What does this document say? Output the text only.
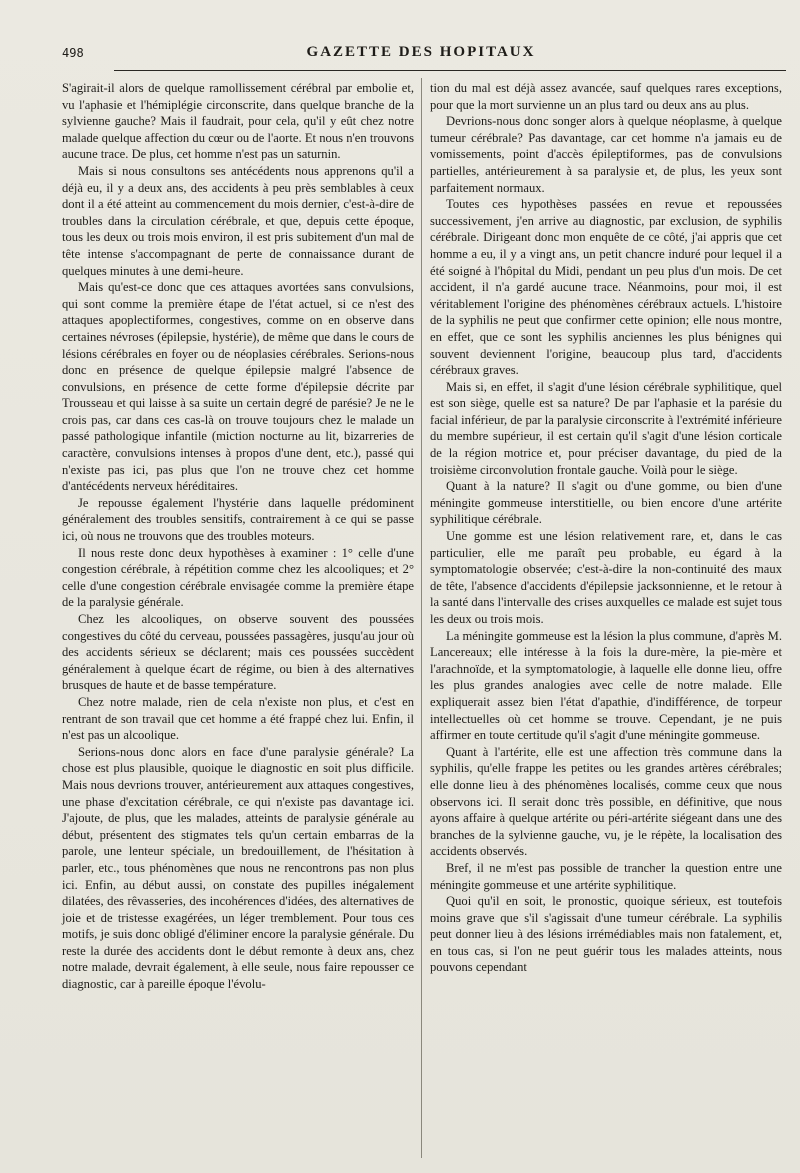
498	GAZETTE DES HOPITAUX

S'agirait-il alors de quelque ramollissement cérébral par embolie et, vu l'aphasie et l'hémiplégie circonscrite, dans quelque branche de la sylvienne gauche? Mais il faudrait, pour cela, qu'il y eût chez notre malade quelque affection du cœur ou de l'aorte. Et nous n'en trouvons aucune trace. De plus, cet homme n'est pas un saturnin.

Mais si nous consultons ses antécédents nous apprenons qu'il a déjà eu, il y a deux ans, des accidents à peu près semblables à ceux dont il a été atteint au commencement du mois dernier, c'est-à-dire de troubles dans la circulation cérébrale, et que, depuis cette époque, tous les deux ou trois mois environ, il est pris subitement d'un mal de tête intense s'accompagnant de perte de connaissance durant de quelques minutes à une demi-heure.

Mais qu'est-ce donc que ces attaques avortées sans convulsions, qui sont comme la première étape de l'état actuel, si ce n'est des attaques apoplectiformes, congestives, comme on en observe dans certaines névroses (épilepsie, hystérie), de même que dans le cours de lésions cérébrales en foyer ou de néoplasies cérébrales. Serions-nous donc en présence de quelque épilepsie malgré l'absence de convulsions, en présence de cette forme d'épilepsie décrite par Trousseau et qui laisse à sa suite un certain degré de parésie? Je ne le crois pas, car dans ces cas-là on trouve toujours chez le malade un passé pathologique infantile (miction nocturne au lit, bizarreries de caractère, convulsions intenses à propos d'une dent, etc.), passé qui n'existe pas ici, pas plus que l'on ne trouve chez cet homme d'antécédents nerveux héréditaires.

Je repousse également l'hystérie dans laquelle prédominent généralement des troubles sensitifs, contrairement à ce qui se passe ici, où nous ne trouvons que des troubles moteurs.

Il nous reste donc deux hypothèses à examiner : 1° celle d'une congestion cérébrale, à répétition comme chez les alcooliques; et 2° celle d'une congestion cérébrale envisagée comme la première étape de la paralysie générale.

Chez les alcooliques, on observe souvent des poussées congestives du côté du cerveau, poussées passagères, jusqu'au jour où des accidents sérieux se déclarent; mais ces poussées succèdent généralement à quelque écart de régime, ou bien à des alternatives brusques de haute et de basse température.

Chez notre malade, rien de cela n'existe non plus, et c'est en rentrant de son travail que cet homme a été frappé chez lui. Enfin, il n'est pas un alcoolique.

Serions-nous donc alors en face d'une paralysie générale? La chose est plus plausible, quoique le diagnostic en soit plus difficile. Mais nous devrions trouver, antérieurement aux attaques congestives, une phase d'excitation cérébrale, ce qui n'existe pas davantage ici. J'ajoute, de plus, que les malades, atteints de paralysie générale au début, présentent des stigmates tels qu'un certain embarras de la parole, une lenteur spéciale, un bredouillement, de l'hésitation à parler, etc., tous phénomènes que nous ne rencontrons pas non plus ici. Enfin, au début aussi, on constate des pupilles inégalement dilatées, des rêvasseries, des incohérences d'idées, des alternatives de joie et de tristesse exagérées, un léger tremblement. Pour tous ces motifs, je suis donc obligé d'éliminer encore la paralysie générale. Du reste la durée des accidents dont le début remonte à deux ans, chez notre malade, devrait également, à elle seule, nous faire repousser ce diagnostic, car à pareille époque l'évolu-

tion du mal est déjà assez avancée, sauf quelques rares exceptions, pour que la mort survienne un an plus tard ou deux ans au plus.

Devrions-nous donc songer alors à quelque néoplasme, à quelque tumeur cérébrale? Pas davantage, car cet homme n'a jamais eu de vomissements, point d'accès épileptiformes, pas de convulsions partielles, antérieurement à sa paralysie et, de plus, les yeux sont parfaitement normaux.

Toutes ces hypothèses passées en revue et repoussées successivement, j'en arrive au diagnostic, par exclusion, de syphilis cérébrale. Dirigeant donc mon enquête de ce côté, j'ai appris que cet homme a eu, il y a vingt ans, un petit chancre induré pour lequel il a été soigné à l'hôpital du Midi, pendant un peu plus d'un mois. De cet accident, il n'a gardé aucune trace. Néanmoins, pour moi, il est véritablement l'origine des phénomènes cérébraux actuels. L'histoire de la syphilis ne peut que confirmer cette opinion; elle nous montre, en effet, que ce sont les syphilis anciennes les plus bénignes qui souvent deviennent l'origine, beaucoup plus tard, d'accidents cérébraux graves.

Mais si, en effet, il s'agit d'une lésion cérébrale syphilitique, quel est son siège, quelle est sa nature? De par l'aphasie et la parésie du facial inférieur, de par la paralysie circonscrite à l'extrémité inférieure du membre supérieur, il est certain qu'il s'agit d'une lésion corticale de la région motrice et, pour préciser davantage, du pied de la troisième circonvolution frontale gauche. Voilà pour le siège.

Quant à la nature? Il s'agit ou d'une gomme, ou bien d'une méningite gommeuse interstitielle, ou bien encore d'une artérite syphilitique cérébrale.

Une gomme est une lésion relativement rare, et, dans le cas particulier, elle me paraît peu probable, eu égard à la symptomatologie observée; c'est-à-dire la non-continuité des maux de tête, l'absence d'accidents d'épilepsie jacksonnienne, et le retour à la santé dans l'intervalle des crises auxquelles ce malade est sujet tous les deux ou trois mois.

La méningite gommeuse est la lésion la plus commune, d'après M. Lancereaux; elle intéresse à la fois la dure-mère, la pie-mère et l'arachnoïde, et la symptomatologie, à laquelle elle donne lieu, offre les plus grandes analogies avec celle de notre malade. Elle expliquerait assez bien l'état d'apathie, d'indifférence, de torpeur intellectuelles où cet homme se trouve. Cependant, je ne puis affirmer en toute certitude qu'il s'agit d'une méningite gommeuse.

Quant à l'artérite, elle est une affection très commune dans la syphilis, qu'elle frappe les petites ou les grandes artères cérébrales; elle donne lieu à des phénomènes localisés, comme ceux que nous observons ici. Il serait donc très possible, en définitive, que nous ayons affaire à quelque artérite ou péri-artérite siégeant dans une des branches de la sylvienne gauche, vu, je le répète, la localisation des accidents observés.

Bref, il ne m'est pas possible de trancher la question entre une méningite gommeuse et une artérite syphilitique.

Quoi qu'il en soit, le pronostic, quoique sérieux, est toutefois moins grave que s'il s'agissait d'une tumeur cérébrale. La syphilis peut donner lieu à des lésions irrémédiables mais non fatalement, et, en tous cas, si l'on ne peut guérir tous les malades atteints, nous pouvons cependant
